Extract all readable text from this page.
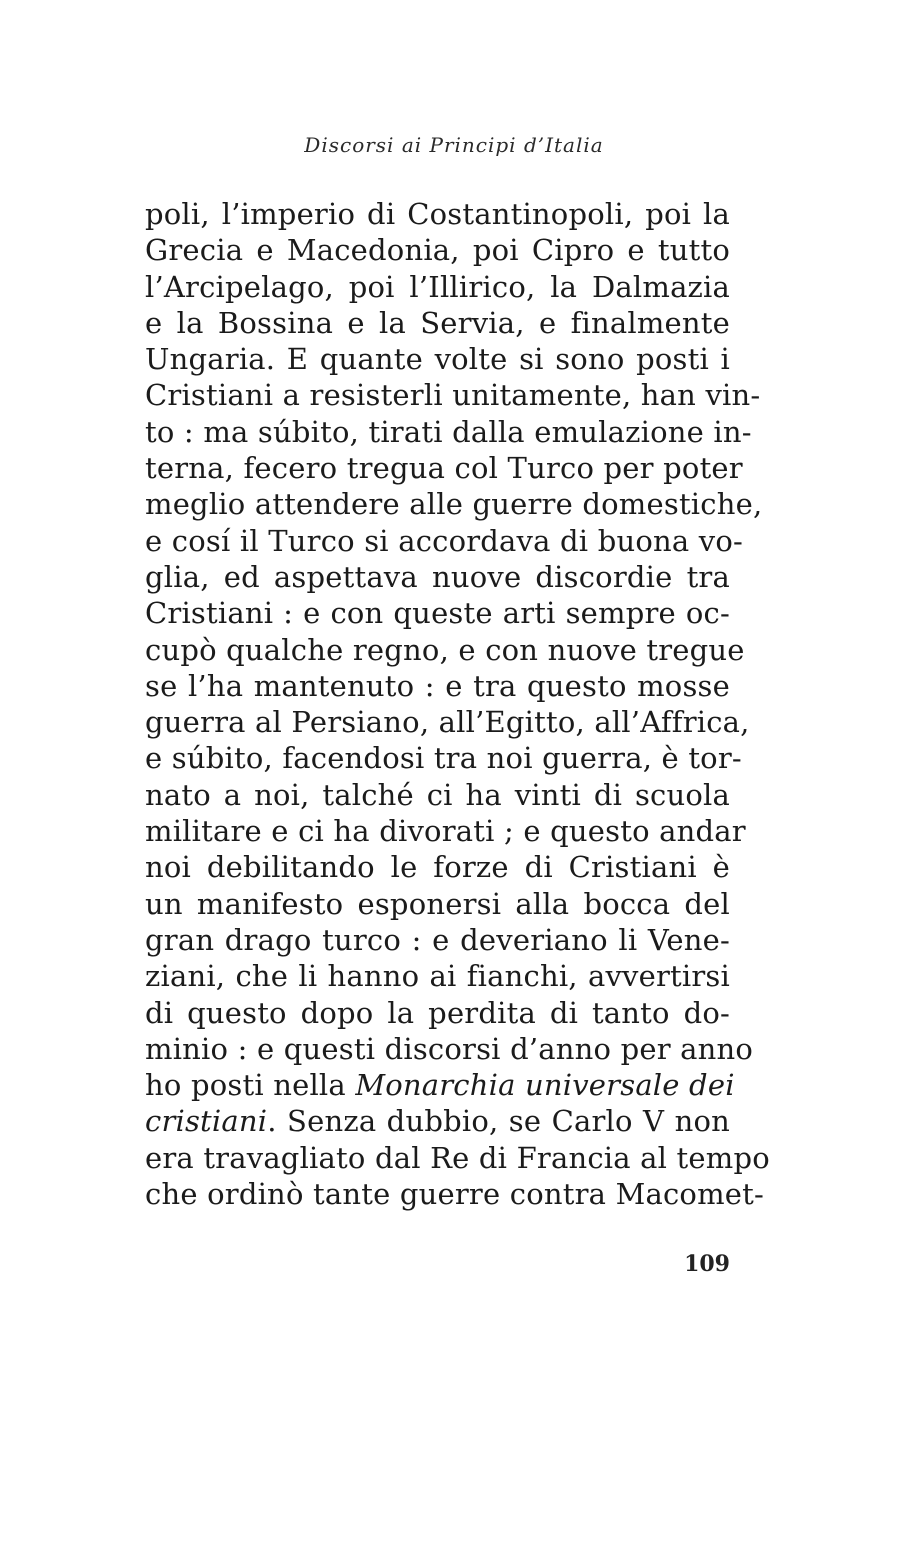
Discorsi ai Principi d’Italia
poli, l’imperio di Costantinopoli, poi la
Grecia e Macedonia, poi Cipro e tutto
l’Arcipelago, poi l’Illirico, la Dalmazia
e la Bossina e la Servia, e finalmente
Ungaria. E quante volte si sono posti i
Cristiani a resisterli unitamente, han vin-
to : ma súbito, tirati dalla emulazione in-
terna, fecero tregua col Turco per poter
meglio attendere alle guerre domestiche,
e cosí il Turco si accordava di buona vo-
glia, ed aspettava nuove discordie tra
Cristiani : e con queste arti sempre oc-
cupò qualche regno, e con nuove tregue
se l’ha mantenuto : e tra questo mosse
guerra al Persiano, all’Egitto, all’Affrica,
e súbito, facendosi tra noi guerra, è tor-
nato a noi, talché ci ha vinti di scuola
militare e ci ha divorati ; e questo andar
noi debilitando le forze di Cristiani è
un manifesto esponersi alla bocca del
gran drago turco : e deveriano li Vene-
ziani, che li hanno ai fianchi, avvertirsi
di questo dopo la perdita di tanto do-
minio : e questi discorsi d’anno per anno
ho posti nella Monarchia universale dei
cristiani. Senza dubbio, se Carlo V non
era travagliato dal Re di Francia al tempo
che ordinò tante guerre contra Macomet-
109
